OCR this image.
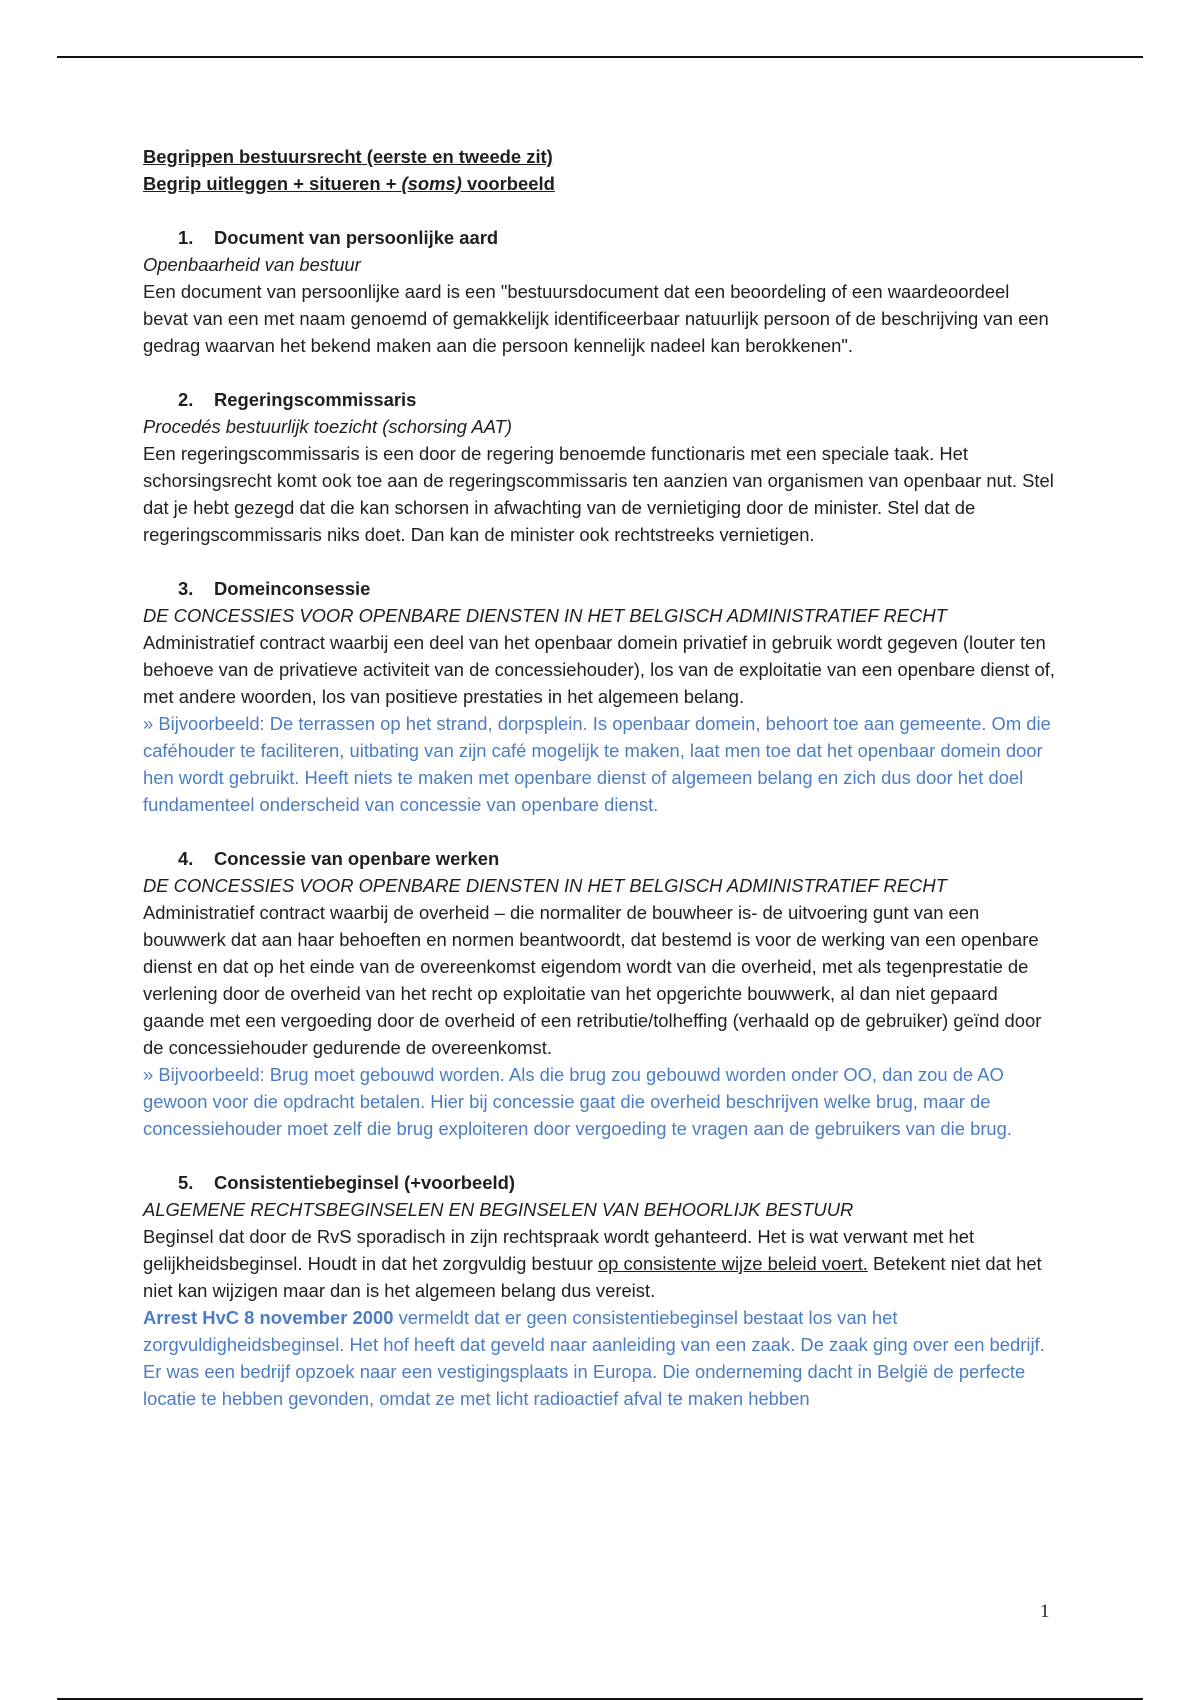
Begrippen bestuursrecht (eerste en tweede zit)

Begrip uitleggen + situeren + (soms) voorbeeld

1. Document van persoonlijke aard

Openbaarheid van bestuur

Een document van persoonlijke aard is een "bestuursdocument dat een beoordeling of een waardeoordeel bevat van een met naam genoemd of gemakkelijk identificeerbaar natuurlijk persoon of de beschrijving van een gedrag waarvan het bekend maken aan die persoon kennelijk nadeel kan berokkenen".

2. Regeringscommissaris

Procedés bestuurlijk toezicht (schorsing AAT)

Een regeringscommissaris is een door de regering benoemde functionaris met een speciale taak. Het schorsingsrecht komt ook toe aan de regeringscommissaris ten aanzien van organismen van openbaar nut. Stel dat je hebt gezegd dat die kan schorsen in afwachting van de vernietiging door de minister. Stel dat de regeringscommissaris niks doet. Dan kan de minister ook rechtstreeks vernietigen.

3. Domeinconsessie

DE CONCESSIES VOOR OPENBARE DIENSTEN IN HET BELGISCH ADMINISTRATIEF RECHT

Administratief contract waarbij een deel van het openbaar domein privatief in gebruik wordt gegeven (louter ten behoeve van de privatieve activiteit van de concessiehouder), los van de exploitatie van een openbare dienst of, met andere woorden, los van positieve prestaties in het algemeen belang.

» Bijvoorbeeld: De terrassen op het strand, dorpsplein. Is openbaar domein, behoort toe aan gemeente. Om die caféhouder te faciliteren, uitbating van zijn café mogelijk te maken, laat men toe dat het openbaar domein door hen wordt gebruikt. Heeft niets te maken met openbare dienst of algemeen belang en zich dus door het doel fundamenteel onderscheid van concessie van openbare dienst.

4. Concessie van openbare werken

DE CONCESSIES VOOR OPENBARE DIENSTEN IN HET BELGISCH ADMINISTRATIEF RECHT

Administratief contract waarbij de overheid – die normaliter de bouwheer is- de uitvoering gunt van een bouwwerk dat aan haar behoeften en normen beantwoordt, dat bestemd is voor de werking van een openbare dienst en dat op het einde van de overeenkomst eigendom wordt van die overheid, met als tegenprestatie de verlening door de overheid van het recht op exploitatie van het opgerichte bouwwerk, al dan niet gepaard gaande met een vergoeding door de overheid of een retributie/tolheffing (verhaald op de gebruiker) geïnd door de concessiehouder gedurende de overeenkomst.

» Bijvoorbeeld: Brug moet gebouwd worden. Als die brug zou gebouwd worden onder OO, dan zou de AO gewoon voor die opdracht betalen. Hier bij concessie gaat die overheid beschrijven welke brug, maar de concessiehouder moet zelf die brug exploiteren door vergoeding te vragen aan de gebruikers van die brug.

5. Consistentiebeginsel (+voorbeeld)

ALGEMENE RECHTSBEGINSELEN EN BEGINSELEN VAN BEHOORLIJK BESTUUR

Beginsel dat door de RvS sporadisch in zijn rechtspraak wordt gehanteerd. Het is wat verwant met het gelijkheidsbeginsel. Houdt in dat het zorgvuldig bestuur op consistente wijze beleid voert. Betekent niet dat het niet kan wijzigen maar dan is het algemeen belang dus vereist.

Arrest HvC 8 november 2000 vermeldt dat er geen consistentiebeginsel bestaat los van het zorgvuldigheidsbeginsel. Het hof heeft dat geveld naar aanleiding van een zaak. De zaak ging over een bedrijf. Er was een bedrijf opzoek naar een vestigingsplaats in Europa. Die onderneming dacht in België de perfecte locatie te hebben gevonden, omdat ze met licht radioactief afval te maken hebben

1
